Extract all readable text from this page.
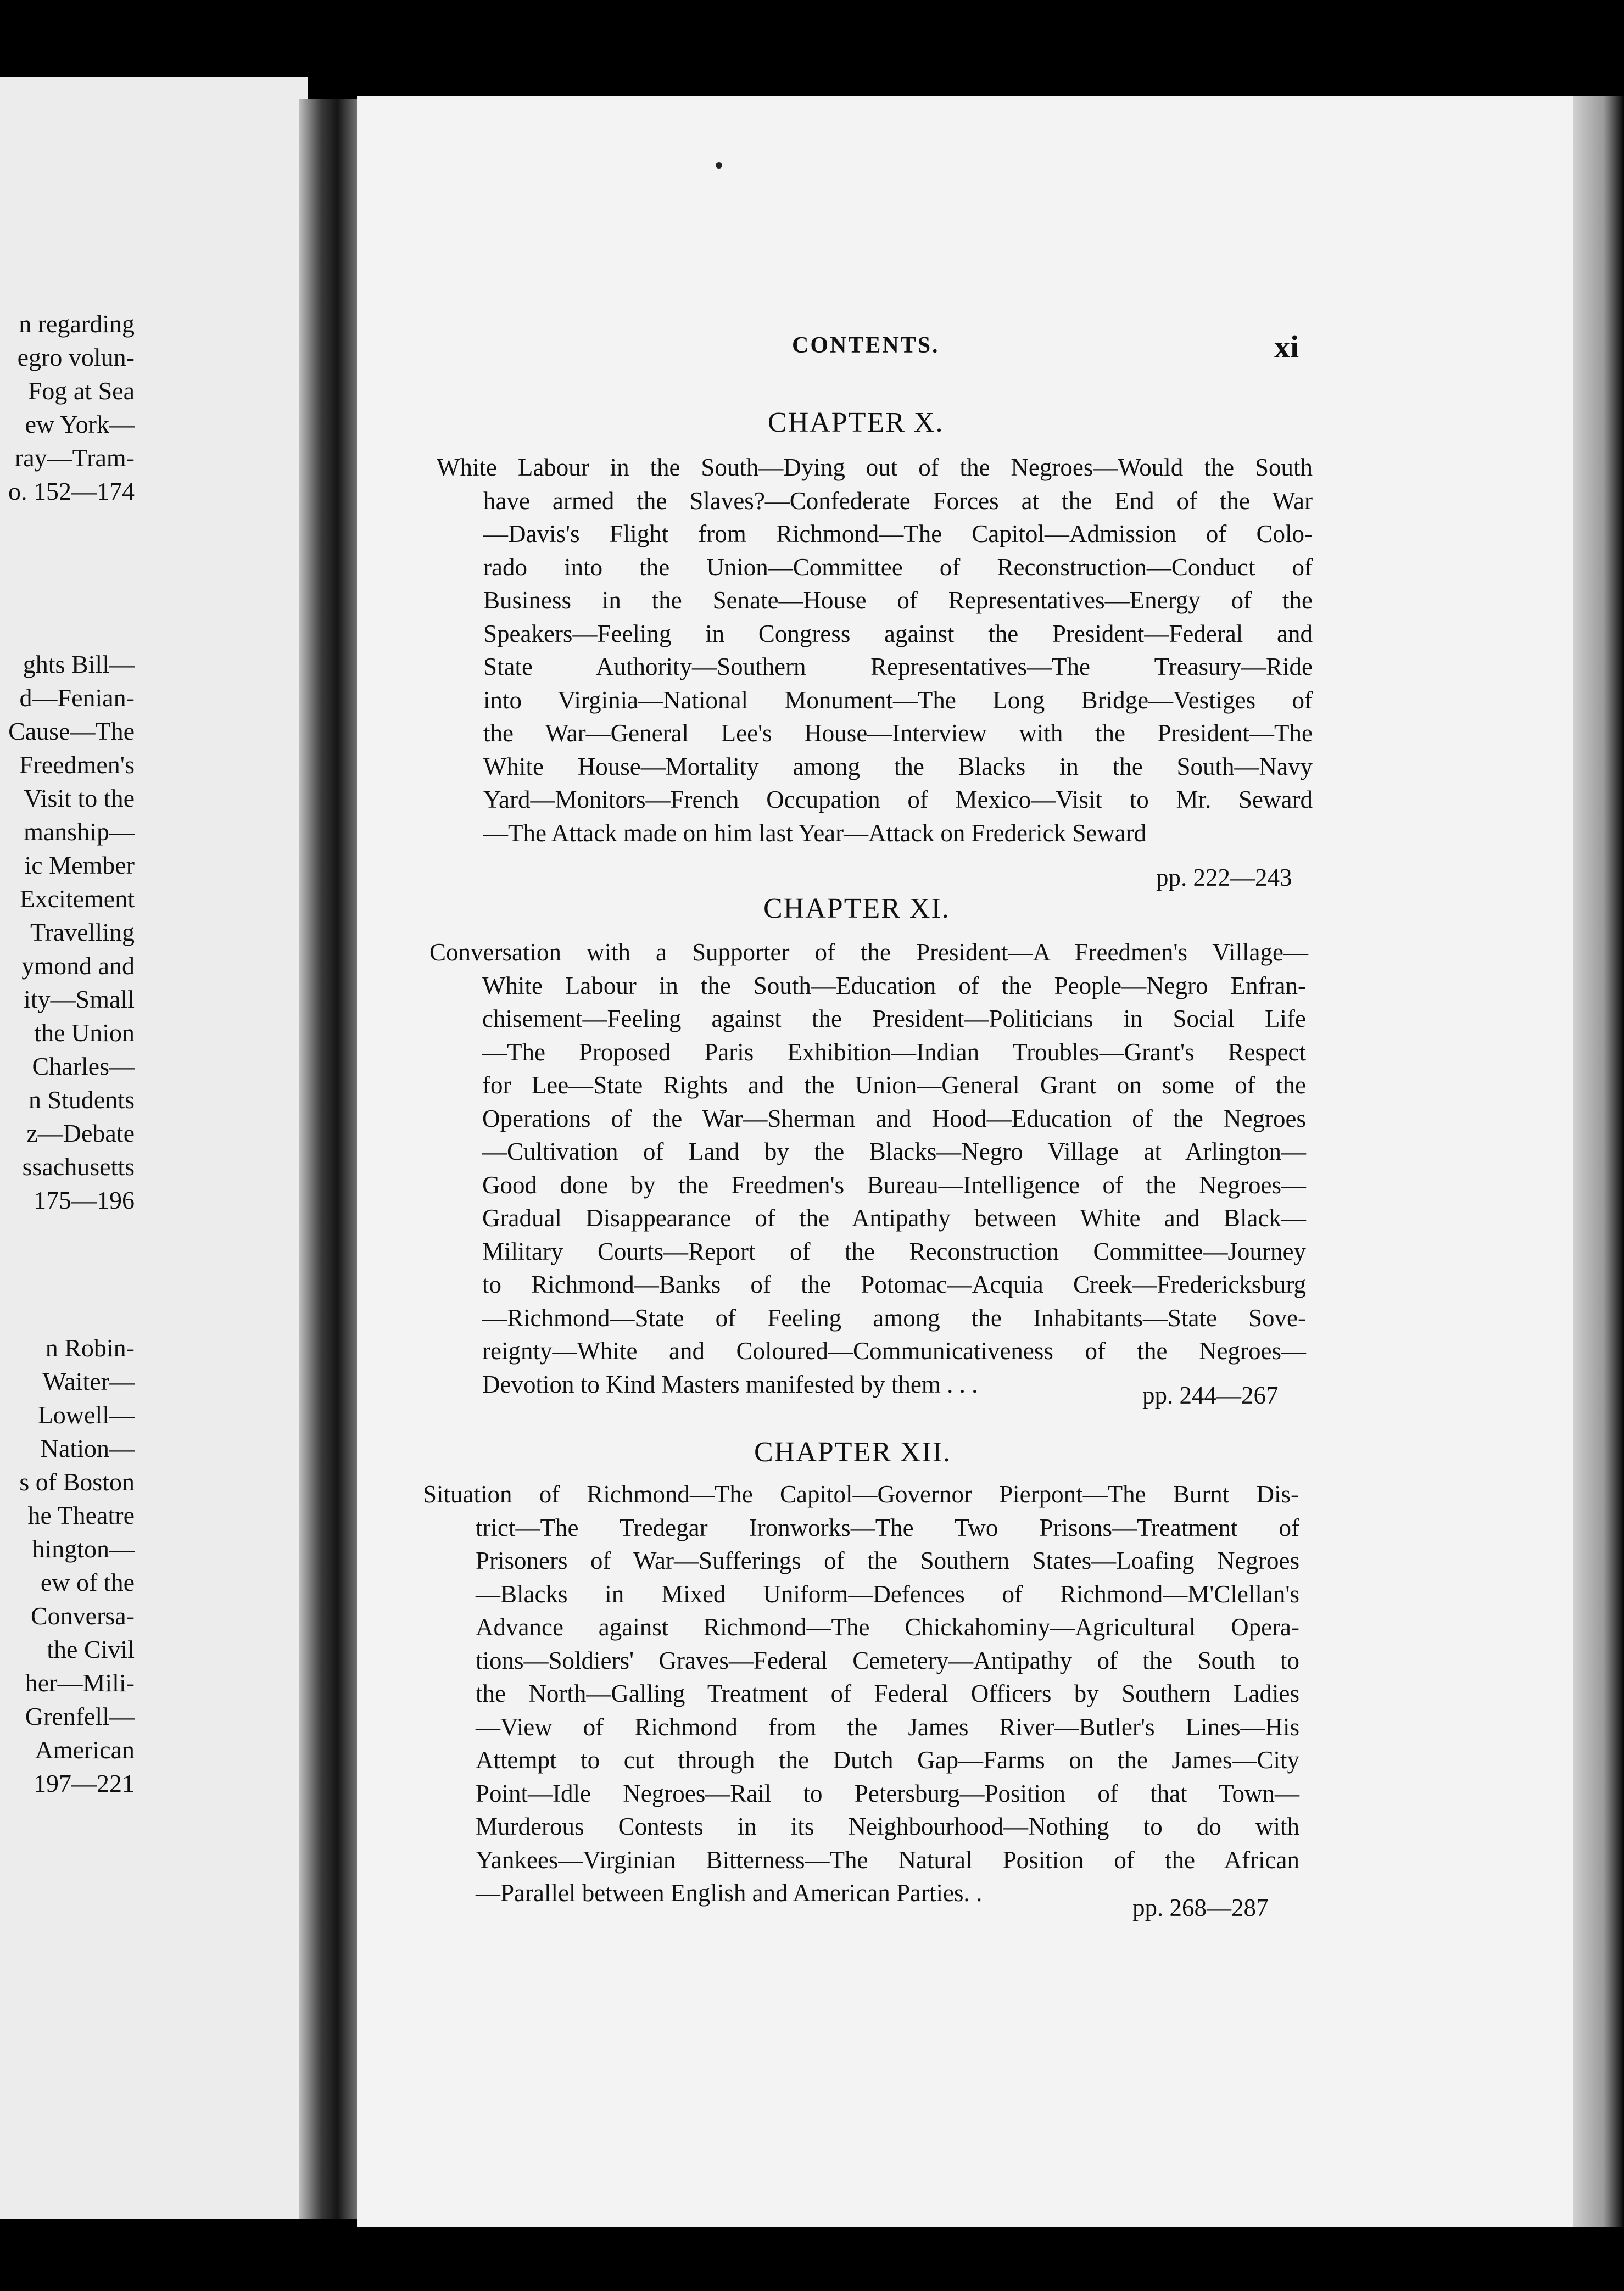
n regarding
egro volun-
Fog at Sea
ew York—
ray—Tram-
o. 152—174
ghts Bill—
d—Fenian-
Cause—The
Freedmen's
Visit to the
manship—
ic Member
Excitement
Travelling
ymond and
ity—Small
the Union
Charles—
n Students
z—Debate
ssachusetts
175—196
n Robin-
Waiter—
Lowell—
Nation—
s of Boston
he Theatre
hington—
ew of the
Conversa-
the Civil
her—Mili-
Grenfell—
American
197—221
CONTENTS.	xi
CHAPTER X.
White Labour in the South—Dying out of the Negroes—Would the South
have armed the Slaves?—Confederate Forces at the End of the War
—Davis's Flight from Richmond—The Capitol—Admission of Colo-
rado into the Union—Committee of Reconstruction—Conduct of
Business in the Senate—House of Representatives—Energy of the
Speakers—Feeling in Congress against the President—Federal and
State Authority—Southern Representatives—The Treasury—Ride
into Virginia—National Monument—The Long Bridge—Vestiges of
the War—General Lee's House—Interview with the President—The
White House—Mortality among the Blacks in the South—Navy
Yard—Monitors—French Occupation of Mexico—Visit to Mr. Seward
—The Attack made on him last Year—Attack on Frederick Seward
pp. 222—243
CHAPTER XI.
Conversation with a Supporter of the President—A Freedmen's Village—
White Labour in the South—Education of the People—Negro Enfran-
chisement—Feeling against the President—Politicians in Social Life
—The Proposed Paris Exhibition—Indian Troubles—Grant's Respect
for Lee—State Rights and the Union—General Grant on some of the
Operations of the War—Sherman and Hood—Education of the Negroes
—Cultivation of Land by the Blacks—Negro Village at Arlington—
Good done by the Freedmen's Bureau—Intelligence of the Negroes—
Gradual Disappearance of the Antipathy between White and Black—
Military Courts—Report of the Reconstruction Committee—Journey
to Richmond—Banks of the Potomac—Acquia Creek—Fredericksburg
—Richmond—State of Feeling among the Inhabitants—State Sove-
reignty—White and Coloured—Communicativeness of the Negroes—
Devotion to Kind Masters manifested by them . . .	pp. 244—267
CHAPTER XII.
Situation of Richmond—The Capitol—Governor Pierpont—The Burnt Dis-
trict—The Tredegar Ironworks—The Two Prisons—Treatment of
Prisoners of War—Sufferings of the Southern States—Loafing Negroes
—Blacks in Mixed Uniform—Defences of Richmond—M'Clellan's
Advance against Richmond—The Chickahominy—Agricultural Opera-
tions—Soldiers' Graves—Federal Cemetery—Antipathy of the South to
the North—Galling Treatment of Federal Officers by Southern Ladies
—View of Richmond from the James River—Butler's Lines—His
Attempt to cut through the Dutch Gap—Farms on the James—City
Point—Idle Negroes—Rail to Petersburg—Position of that Town—
Murderous Contests in its Neighbourhood—Nothing to do with
Yankees—Virginian Bitterness—The Natural Position of the African
—Parallel between English and American Parties. .
pp. 268—287
